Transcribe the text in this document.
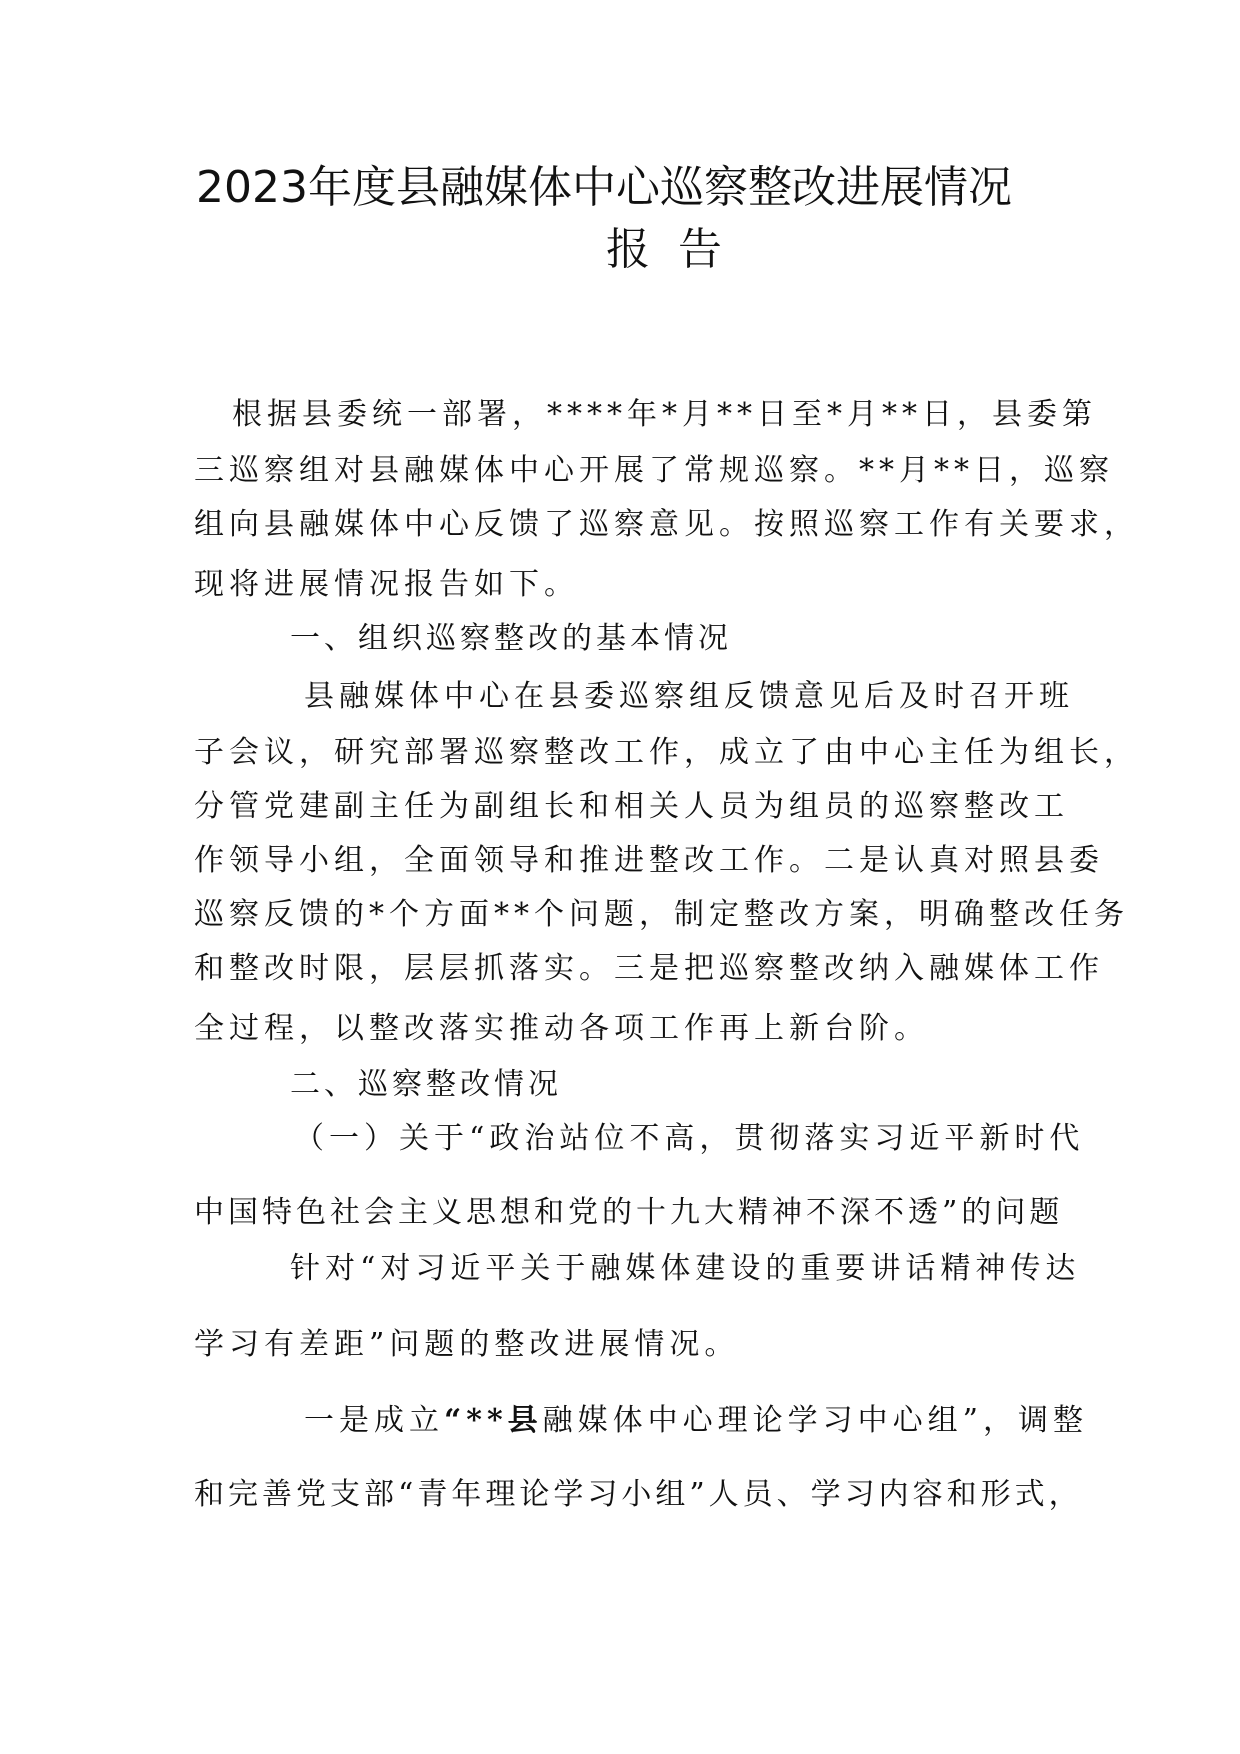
2023年度县融媒体中心巡察整改进展情况
报告
根据县委统一部署，****年*月**日至*月**日，县委第
三巡察组对县融媒体中心开展了常规巡察。**月**日，巡察
组向县融媒体中心反馈了巡察意见。按照巡察工作有关要求，
现将进展情况报告如下。
一、组织巡察整改的基本情况
县融媒体中心在县委巡察组反馈意见后及时召开班
子会议，研究部署巡察整改工作，成立了由中心主任为组长，
分管党建副主任为副组长和相关人员为组员的巡察整改工
作领导小组，全面领导和推进整改工作。二是认真对照县委
巡察反馈的*个方面**个问题，制定整改方案，明确整改任务
和整改时限，层层抓落实。三是把巡察整改纳入融媒体工作
全过程，以整改落实推动各项工作再上新台阶。
二、巡察整改情况
（一）关于“政治站位不高，贯彻落实习近平新时代
中国特色社会主义思想和党的十九大精神不深不透”的问题
针对“对习近平关于融媒体建设的重要讲话精神传达
学习有差距”问题的整改进展情况。
一是成立“**县融媒体中心理论学习中心组”，调整
和完善党支部“青年理论学习小组”人员、学习内容和形式，
